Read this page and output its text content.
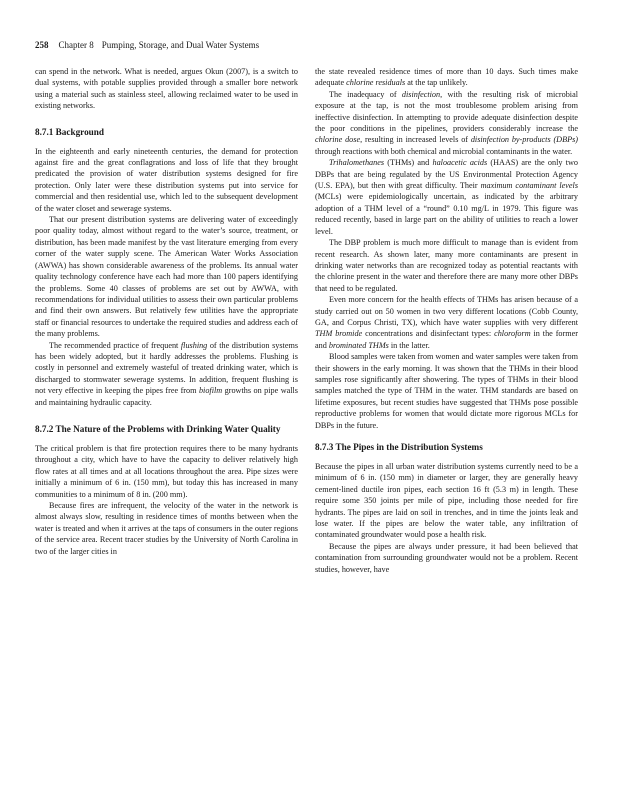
258 Chapter 8 Pumping, Storage, and Dual Water Systems

can spend in the network. What is needed, argues Okun (2007), is a switch to dual systems, with potable supplies provided through a smaller bore network using a material such as stainless steel, allowing reclaimed water to be used in existing networks.

8.7.1 Background

In the eighteenth and early nineteenth centuries, the demand for protection against fire and the great conflagrations and loss of life that they brought predicated the provision of water distribution systems designed for fire protection. Only later were these distribution systems put into service for commercial and then residential use, which led to the subsequent development of the water closet and sewerage systems.

That our present distribution systems are delivering water of exceedingly poor quality today, almost without regard to the water’s source, treatment, or distribution, has been made manifest by the vast literature emerging from every corner of the water supply scene. The American Water Works Association (AWWA) has shown considerable awareness of the problems. Its annual water quality technology conference have each had more than 100 papers identifying the problems. Some 40 classes of problems are set out by AWWA, with recommendations for individual utilities to assess their own particular problems and find their own answers. But relatively few utilities have the appropriate staff or financial resources to undertake the required studies and address each of the many problems.

The recommended practice of frequent flushing of the distribution systems has been widely adopted, but it hardly addresses the problems. Flushing is costly in personnel and extremely wasteful of treated drinking water, which is discharged to stormwater sewerage systems. In addition, frequent flushing is not very effective in keeping the pipes free from biofilm growths on pipe walls and maintaining hydraulic capacity.

8.7.2 The Nature of the Problems with Drinking Water Quality

The critical problem is that fire protection requires there to be many hydrants throughout a city, which have to have the capacity to deliver relatively high flow rates at all times and at all locations throughout the area. Pipe sizes were initially a minimum of 6 in. (150 mm), but today this has increased in many communities to a minimum of 8 in. (200 mm).

Because fires are infrequent, the velocity of the water in the network is almost always slow, resulting in residence times of months between when the water is treated and when it arrives at the taps of consumers in the outer regions of the service area. Recent tracer studies by the University of North Carolina in two of the larger cities in

the state revealed residence times of more than 10 days. Such times make adequate chlorine residuals at the tap unlikely.

The inadequacy of disinfection, with the resulting risk of microbial exposure at the tap, is not the most troublesome problem arising from ineffective disinfection. In attempting to provide adequate disinfection despite the poor conditions in the pipelines, providers considerably increase the chlorine dose, resulting in increased levels of disinfection by-products (DBPs) through reactions with both chemical and microbial contaminants in the water.

Trihalomethanes (THMs) and haloacetic acids (HAAS) are the only two DBPs that are being regulated by the US Environmental Protection Agency (U.S. EPA), but then with great difficulty. Their maximum contaminant levels (MCLs) were epidemiologically uncertain, as indicated by the arbitrary adoption of a THM level of a “round” 0.10 mg/L in 1979. This figure was reduced recently, based in large part on the ability of utilities to reach a lower level.

The DBP problem is much more difficult to manage than is evident from recent research. As shown later, many more contaminants are present in drinking water networks than are recognized today as potential reactants with the chlorine present in the water and therefore there are many more other DBPs that need to be regulated.

Even more concern for the health effects of THMs has arisen because of a study carried out on 50 women in two very different locations (Cobb County, GA, and Corpus Christi, TX), which have water supplies with very different THM bromide concentrations and disinfectant types: chloroform in the former and brominated THMs in the latter.

Blood samples were taken from women and water samples were taken from their showers in the early morning. It was shown that the THMs in their blood samples rose significantly after showering. The types of THMs in their blood samples matched the type of THM in the water. THM standards are based on lifetime exposures, but recent studies have suggested that THMs pose possible reproductive problems for women that would dictate more rigorous MCLs for DBPs in the future.

8.7.3 The Pipes in the Distribution Systems

Because the pipes in all urban water distribution systems currently need to be a minimum of 6 in. (150 mm) in diameter or larger, they are generally heavy cement-lined ductile iron pipes, each section 16 ft (5.3 m) in length. These require some 350 joints per mile of pipe, including those needed for fire hydrants. The pipes are laid on soil in trenches, and in time the joints leak and lose water. If the pipes are below the water table, any infiltration of contaminated groundwater would pose a health risk.

Because the pipes are always under pressure, it had been believed that contamination from surrounding groundwater would not be a problem. Recent studies, however, have
